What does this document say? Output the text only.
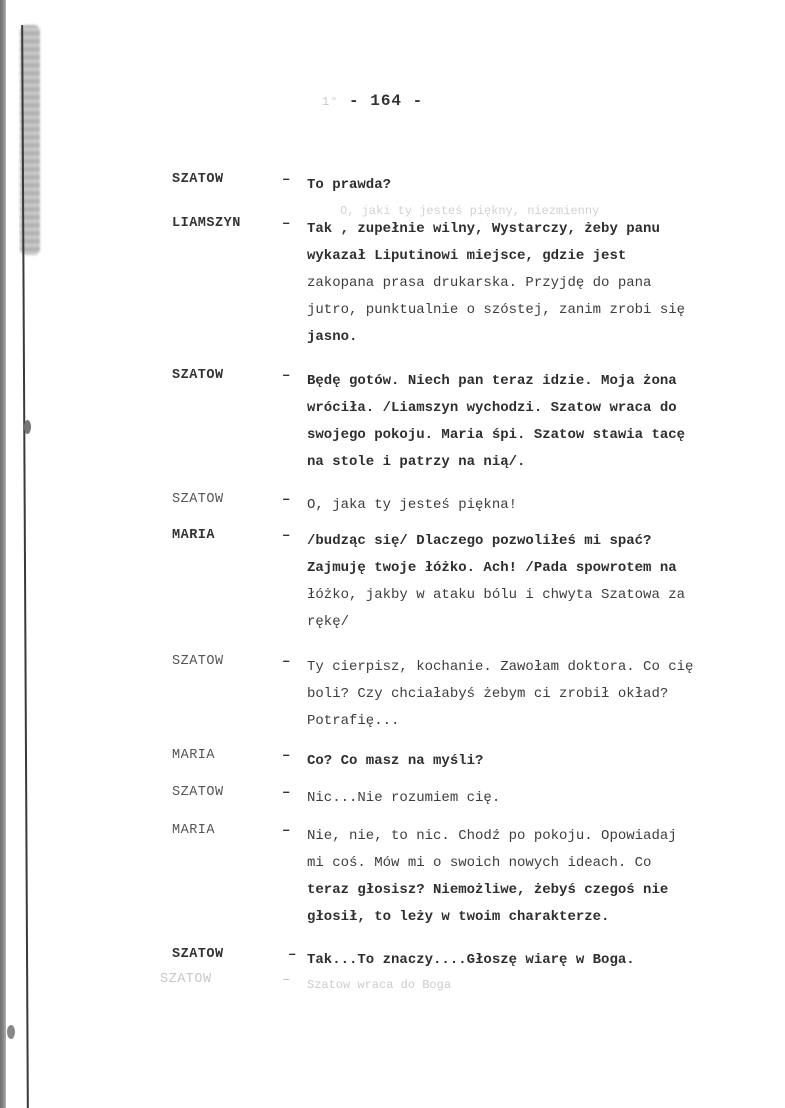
1° - 164 -
O, jaki ty jesteś piękny, niezmienny
SZATOW	– To prawda?
LIAMSZYN	– Tak , zupełnie wilny, Wystarczy, żeby panu
wykazał Liputinowi miejsce, gdzie jest
zakopana prasa drukarska. Przyjdę do pana
jutro, punktualnie o szóstej, zanim zrobi się
jasno.
SZATOW	– Będę gotów. Niech pan teraz idzie. Moja żona
wróciła. /Liamszyn wychodzi. Szatow wraca do
swojego pokoju. Maria śpi. Szatow stawia tacę
na stole i patrzy na nią/.
SZATOW	– O, jaka ty jesteś piękna!
MARIA	– /budząc się/ Dlaczego pozwoliłeś mi spać?
Zajmuję twoje łóżko. Ach! /Pada spowrotem na
łóżko, jakby w ataku bólu i chwyta Szatowa za
rękę/
SZATOW	– Ty cierpisz, kochanie. Zawołam doktora. Co cię
boli? Czy chciałabyś żebym ci zrobił okład?
Potrafię...
MARIA	– Co? Co masz na myśli?
SZATOW	– Nic...Nie rozumiem cię.
MARIA	– Nie, nie, to nic. Chodź po pokoju. Opowiadaj
mi coś. Mów mi o swoich nowych ideach. Co
teraz głosisz? Niemożliwe, żebyś czegoś nie
głosił, to leży w twoim charakterze.
SZATOW	– Tak...To znaczy....Głoszę wiarę w Boga.
SZATOW	– Szatow wraca do Boga
